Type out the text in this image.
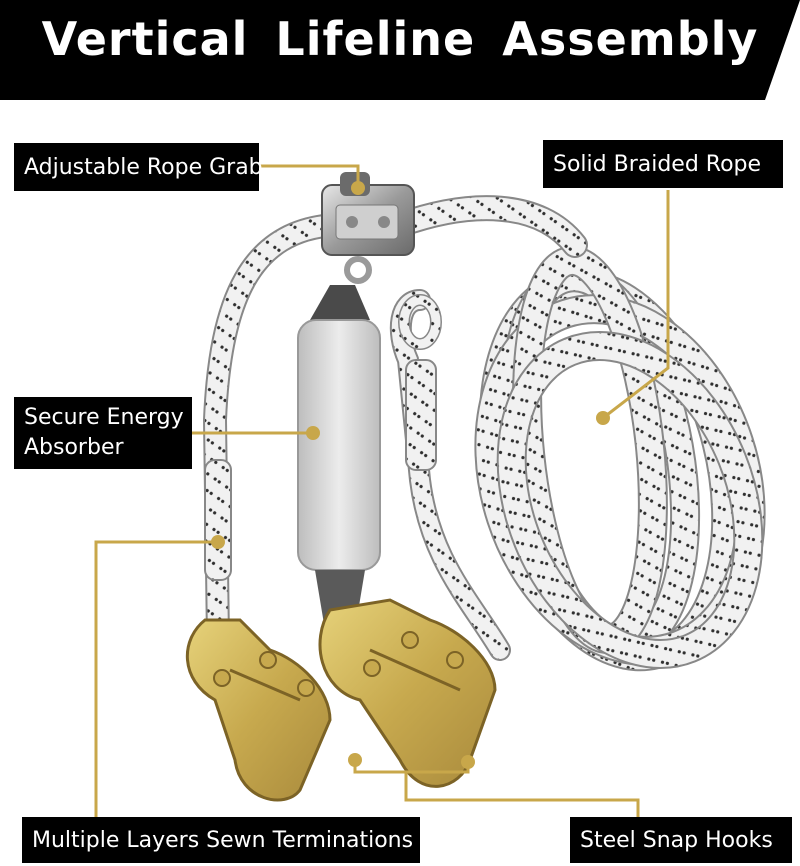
Vertical Lifeline Assembly
Adjustable Rope Grab	Solid Braided Rope
Secure Energy
Absorber
Multiple Layers Sewn Terminations	Steel Snap Hooks
